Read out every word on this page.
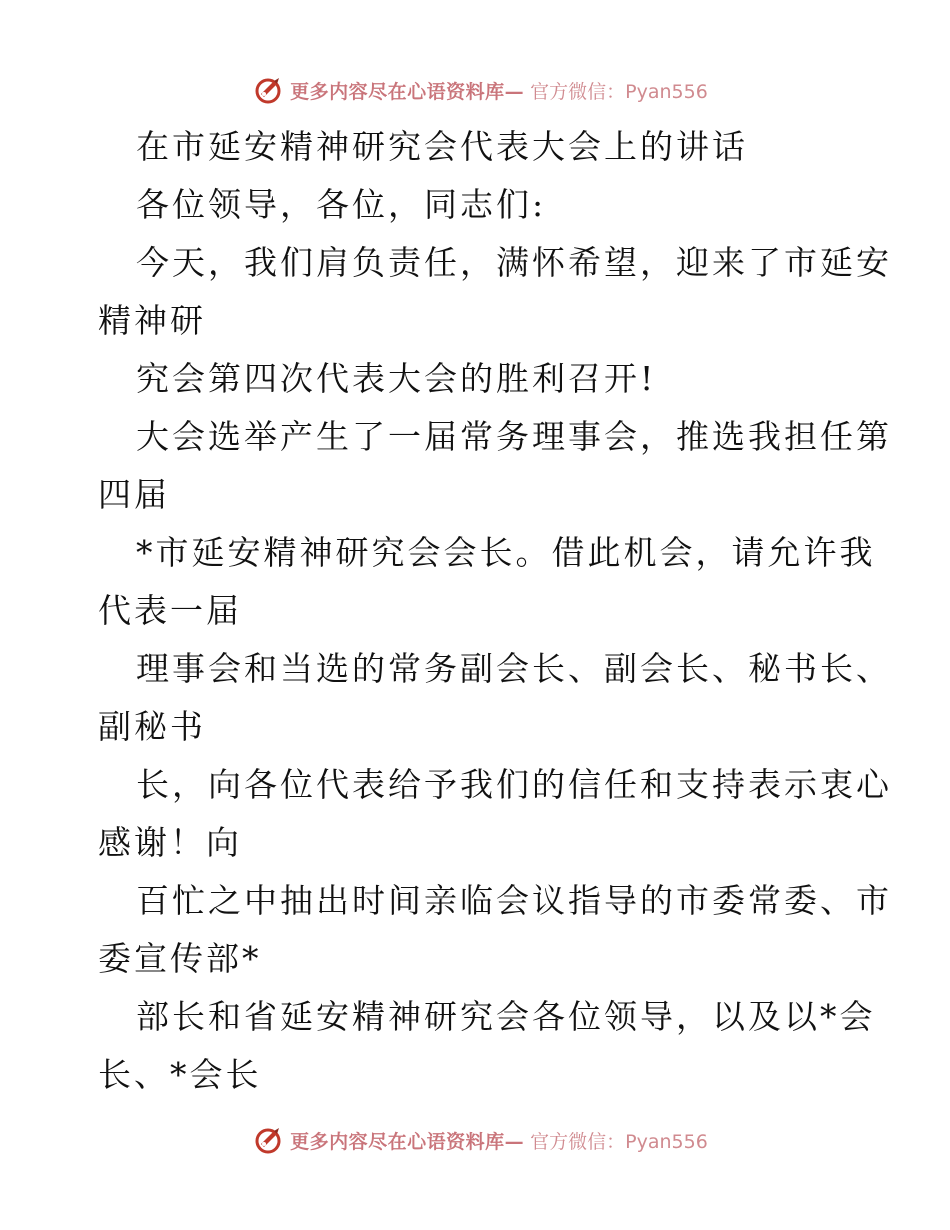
更多内容尽在心语资料库— 官方微信：Pyan556
在市延安精神研究会代表大会上的讲话
各位领导，各位，同志们:
今天，我们肩负责任，满怀希望，迎来了市延安
精神研
究会第四次代表大会的胜利召开!
大会选举产生了一届常务理事会，推选我担任第
四届
*市延安精神研究会会长。借此机会，请允许我
代表一届
理事会和当选的常务副会长、副会长、秘书长、
副秘书
长，向各位代表给予我们的信任和支持表示衷心
感谢！向
百忙之中抽出时间亲临会议指导的市委常委、市
委宣传部*
部长和省延安精神研究会各位领导，以及以*会
长、*会长
更多内容尽在心语资料库— 官方微信：Pyan556
